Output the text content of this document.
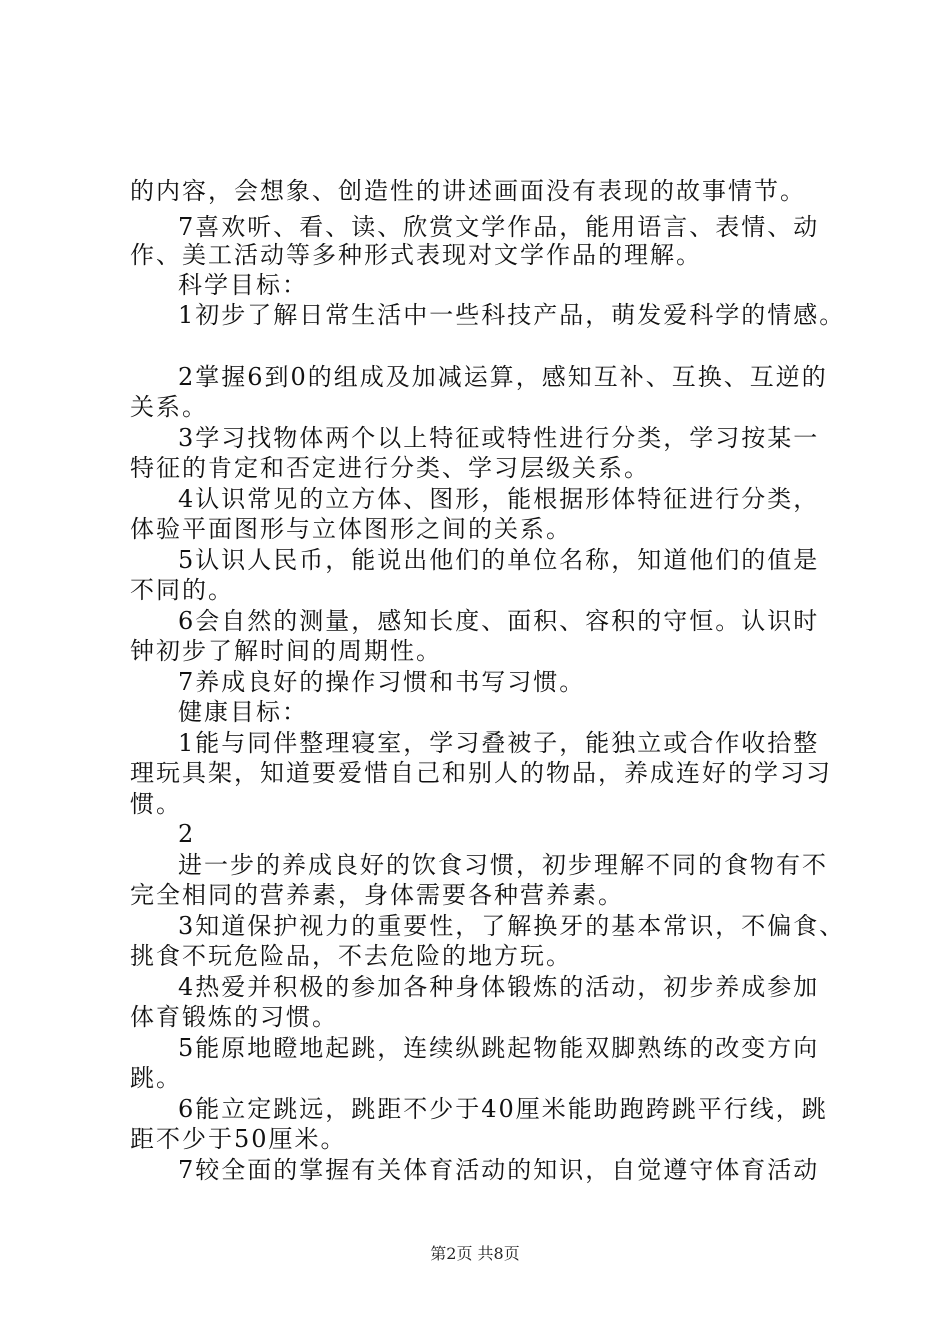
的内容，会想象、创造性的讲述画面没有表现的故事情节。
7喜欢听、看、读、欣赏文学作品，能用语言、表情、动
作、美工活动等多种形式表现对文学作品的理解。
科学目标：
1初步了解日常生活中一些科技产品，萌发爱科学的情感。
2掌握6到0的组成及加减运算，感知互补、互换、互逆的
关系。
3学习找物体两个以上特征或特性进行分类，学习按某一
特征的肯定和否定进行分类、学习层级关系。
4认识常见的立方体、图形，能根据形体特征进行分类，
体验平面图形与立体图形之间的关系。
5认识人民币，能说出他们的单位名称，知道他们的值是
不同的。
6会自然的测量，感知长度、面积、容积的守恒。认识时
钟初步了解时间的周期性。
7养成良好的操作习惯和书写习惯。
健康目标：
1能与同伴整理寝室，学习叠被子，能独立或合作收拾整
理玩具架，知道要爱惜自己和别人的物品，养成连好的学习习
惯。
2
进一步的养成良好的饮食习惯，初步理解不同的食物有不
完全相同的营养素，身体需要各种营养素。
3知道保护视力的重要性，了解换牙的基本常识，不偏食、
挑食不玩危险品，不去危险的地方玩。
4热爱并积极的参加各种身体锻炼的活动，初步养成参加
体育锻炼的习惯。
5能原地瞪地起跳，连续纵跳起物能双脚熟练的改变方向
跳。
6能立定跳远，跳距不少于40厘米能助跑跨跳平行线，跳
距不少于50厘米。
7较全面的掌握有关体育活动的知识，自觉遵守体育活动
第2页 共8页
